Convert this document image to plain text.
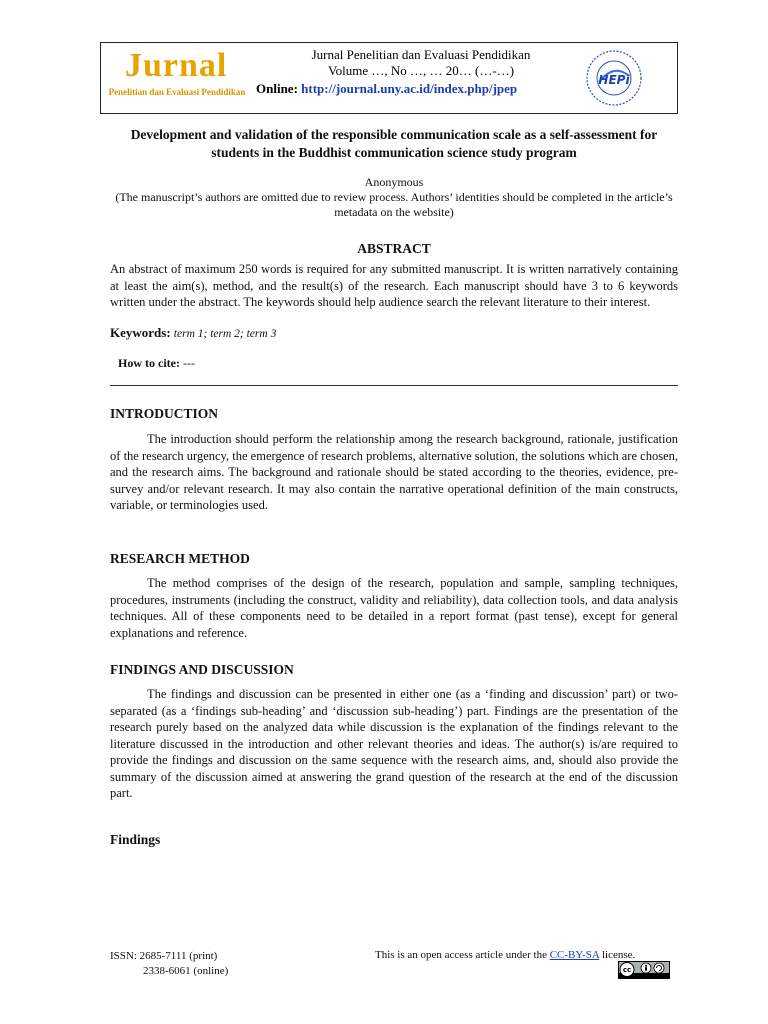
Jurnal
Penelitian dan Evaluasi Pendidikan
Jurnal Penelitian dan Evaluasi Pendidikan
Volume …, No …, … 20… (…-…)
Online: http://journal.uny.ac.id/index.php/jpep
HEPi
Development and validation of the responsible communication scale as a self-assessment for students in the Buddhist communication science study program
Anonymous
(The manuscript’s authors are omitted due to review process. Authors’ identities should be completed in the article’s metadata on the website)
ABSTRACT
An abstract of maximum 250 words is required for any submitted manuscript. It is written narratively containing at least the aim(s), method, and the result(s) of the research. Each manuscript should have 3 to 6 keywords written under the abstract. The keywords should help audience search the relevant literature to their interest.
Keywords: term 1; term 2; term 3
How to cite: ---
INTRODUCTION
The introduction should perform the relationship among the research background, rationale, justification of the research urgency, the emergence of research problems, alternative solution, the solutions which are chosen, and the research aims. The background and rationale should be stated according to the theories, evidence, pre-survey and/or relevant research. It may also contain the narrative operational definition of the main constructs, variable, or terminologies used.
RESEARCH METHOD
The method comprises of the design of the research, population and sample, sampling techniques, procedures, instruments (including the construct, validity and reliability), data collection tools, and data analysis techniques. All of these components need to be detailed in a report format (past tense), except for general explanations and reference.
FINDINGS AND DISCUSSION
The findings and discussion can be presented in either one (as a ‘finding and discussion’ part) or two-separated (as a ‘findings sub-heading’ and ‘discussion sub-heading’) part. Findings are the presentation of the research purely based on the analyzed data while discussion is the explanation of the findings relevant to the literature discussed in the introduction and other relevant theories and ideas. The author(s) is/are required to provide the findings and discussion on the same sequence with the research aims, and, should also provide the summary of the discussion aimed at answering the grand question of the research at the end of the discussion part.
Findings
ISSN: 2685-7111 (print)
2338-6061 (online)
This is an open access article under the CC-BY-SA license.
cc
